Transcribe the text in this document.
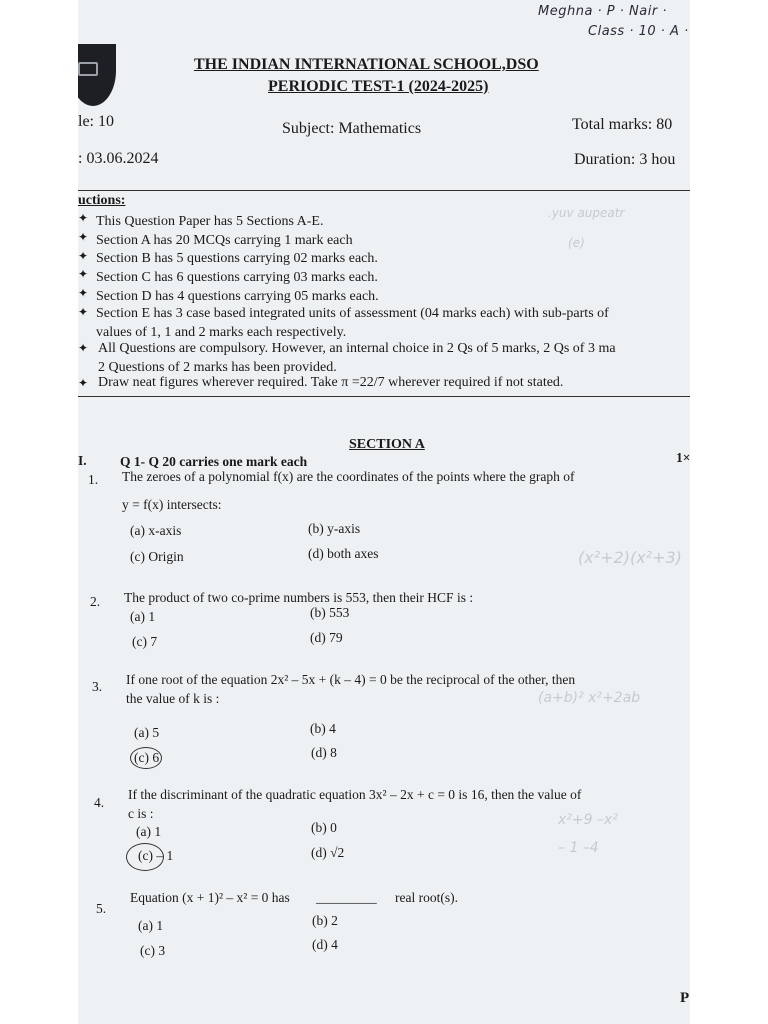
Meghna · P · Nair ·
Class · 10 · A ·
THE INDIAN INTERNATIONAL SCHOOL,DSO
PERIODIC TEST-1 (2024-2025)
le: 10	Subject: Mathematics	Total marks: 80
: 03.06.2024	Duration: 3 hou
uctions:
✦ This Question Paper has 5 Sections A-E.
✦ Section A has 20 MCQs carrying 1 mark each
✦ Section B has 5 questions carrying 02 marks each.
✦ Section C has 6 questions carrying 03 marks each.
✦ Section D has 4 questions carrying 05 marks each.
✦ Section E has 3 case based integrated units of assessment (04 marks each) with sub-parts of
values of 1, 1 and 2 marks each respectively.
✦ All Questions are compulsory. However, an internal choice in 2 Qs of 5 marks, 2 Qs of 3 ma
2 Questions of 2 marks has been provided.
✦ Draw neat figures wherever required. Take π =22/7 wherever required if not stated.
.yuv aupeatr
(e)
(x²+2)(x²+3)
(a+b)² x²+2ab
x²+9 –x²
– 1 –4
SECTION A
I. Q 1- Q 20 carries one mark each	1×
1. The zeroes of a polynomial f(x) are the coordinates of the points where the graph of
y = f(x) intersects:
(a) x-axis	(b) y-axis
(c) Origin	(d) both axes
2. The product of two co-prime numbers is 553, then their HCF is :
(a) 1	(b) 553
(c) 7	(d) 79
3. If one root of the equation 2x² – 5x + (k – 4) = 0 be the reciprocal of the other, then
the value of k is :
(a) 5	(b) 4
(c) 6	(d) 8
4.
If the discriminant of the quadratic equation 3x² – 2x + c = 0 is 16, then the value of
c is :
(a) 1	(b) 0
(c) – 1	(d) √2
5.
Equation (x + 1)² – x² = 0 has _________ real root(s).
(a) 1	(b) 2
(c) 3	(d) 4
P
